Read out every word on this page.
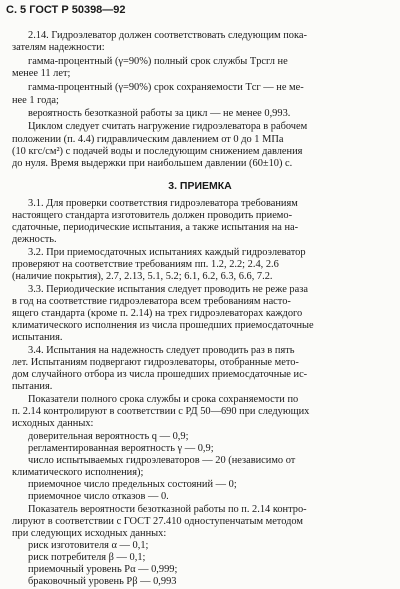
С. 5 ГОСТ Р 50398—92
2.14. Гидроэлеватор должен соответствовать следующим пока-
зателям надежности:
гамма-процентный (γ=90%) полный срок службы Tрсгл не
менее 11 лет;
гамма-процентный (γ=90%) срок сохраняемости Tсг — не ме-
нее 1 года;
вероятность безотказной работы за цикл — не менее 0,993.
Циклом следует считать нагружение гидроэлеватора в рабочем
положении (п. 4.4) гидравлическим давлением от 0 до 1 МПа
(10 кгс/см²) с подачей воды и последующим снижением давления
до нуля. Время выдержки при наибольшем давлении (60±10) с.
3. ПРИЕМКА
3.1. Для проверки соответствия гидроэлеватора требованиям
настоящего стандарта изготовитель должен проводить приемо-
сдаточные, периодические испытания, а также испытания на на-
дежность.
3.2. При приемосдаточных испытаниях каждый гидроэлеватор
проверяют на соответствие требованиям пп. 1.2, 2.2; 2.4, 2.6
(наличие покрытия), 2.7, 2.13, 5.1, 5.2; 6.1, 6.2, 6.3, 6.6, 7.2.
3.3. Периодические испытания следует проводить не реже раза
в год на соответствие гидроэлеватора всем требованиям насто-
ящего стандарта (кроме п. 2.14) на трех гидроэлеваторах каждого
климатического исполнения из числа прошедших приемосдаточные
испытания.
3.4. Испытания на надежность следует проводить раз в пять
лет. Испытаниям подвергают гидроэлеваторы, отобранные мето-
дом случайного отбора из числа прошедших приемосдаточные ис-
пытания.
Показатели полного срока службы и срока сохраняемости по
п. 2.14 контролируют в соответствии с РД 50—690 при следующих
исходных данных:
доверительная вероятность q — 0,9;
регламентированная вероятность γ — 0,9;
число испытываемых гидроэлеваторов — 20 (независимо от
климатического исполнения);
приемочное число предельных состояний — 0;
приемочное число отказов — 0.
Показатель вероятности безотказной работы по п. 2.14 контро-
лируют в соответствии с ГОСТ 27.410 одноступенчатым методом
при следующих исходных данных:
риск изготовителя α — 0,1;
риск потребителя β — 0,1;
приемочный уровень Pα — 0,999;
браковочный уровень Pβ — 0,993
